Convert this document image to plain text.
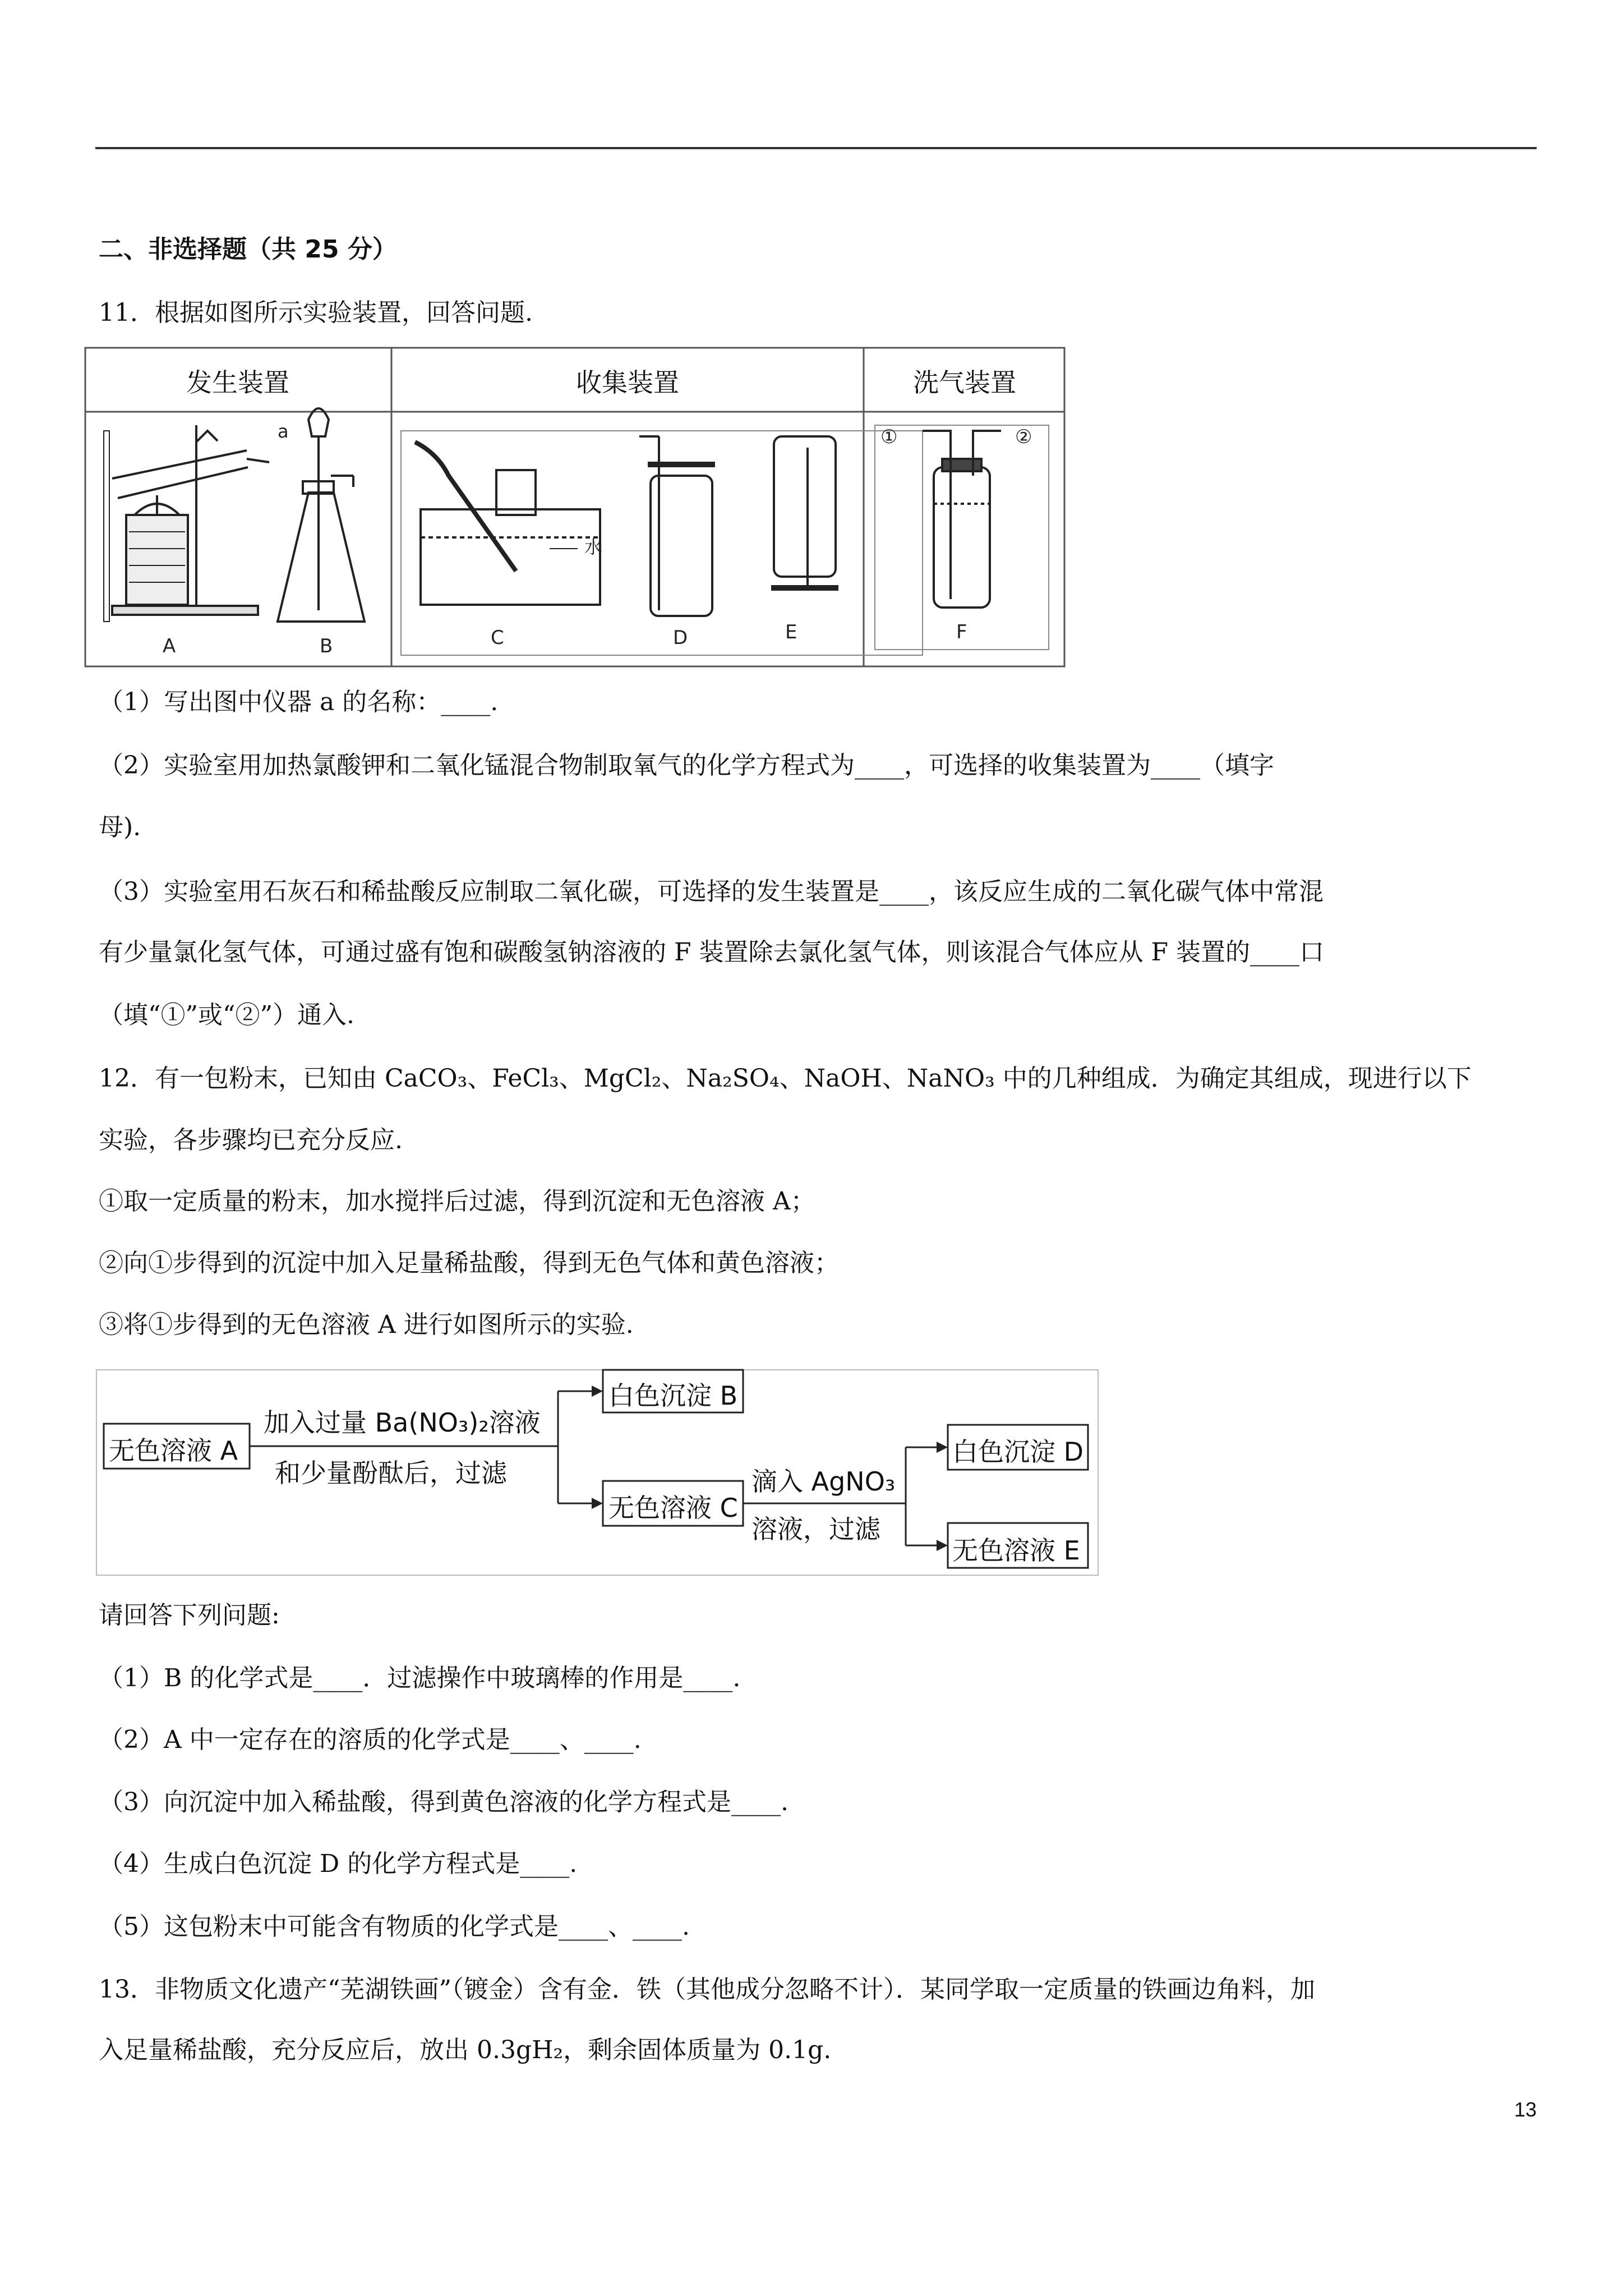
二、非选择题（共 25 分）
11．根据如图所示实验装置，回答问题.
A
a
B
水
C	D	E
①	②
F
发生装置	收集装置	洗气装置
（1）写出图中仪器 a 的名称：____.
（2）实验室用加热氯酸钾和二氧化锰混合物制取氧气的化学方程式为____，可选择的收集装置为____（填字
母).
（3）实验室用石灰石和稀盐酸反应制取二氧化碳，可选择的发生装置是____，该反应生成的二氧化碳气体中常混
有少量氯化氢气体，可通过盛有饱和碳酸氢钠溶液的 F 装置除去氯化氢气体，则该混合气体应从 F 装置的____口
（填“①”或“②”）通入.
12．有一包粉末，已知由 CaCO₃、FeCl₃、MgCl₂、Na₂SO₄、NaOH、NaNO₃ 中的几种组成．为确定其组成，现进行以下
实验，各步骤均已充分反应.
①取一定质量的粉末，加水搅拌后过滤，得到沉淀和无色溶液 A；
②向①步得到的沉淀中加入足量稀盐酸，得到无色气体和黄色溶液；
③将①步得到的无色溶液 A 进行如图所示的实验.
无色溶液 A
加入过量 Ba(NO₃)₂溶液
和少量酚酞后，过滤
白色沉淀 B
无色溶液 C
滴入 AgNO₃
溶液，过滤
白色沉淀 D
无色溶液 E
请回答下列问题:
（1）B 的化学式是____．过滤操作中玻璃棒的作用是____.
（2）A 中一定存在的溶质的化学式是____、____.
（3）向沉淀中加入稀盐酸，得到黄色溶液的化学方程式是____.
（4）生成白色沉淀 D 的化学方程式是____.
（5）这包粉末中可能含有物质的化学式是____、____.
13．非物质文化遗产“芜湖铁画”（镀金）含有金．铁（其他成分忽略不计）．某同学取一定质量的铁画边角料，加
入足量稀盐酸，充分反应后，放出 0.3gH₂，剩余固体质量为 0.1g.
13
